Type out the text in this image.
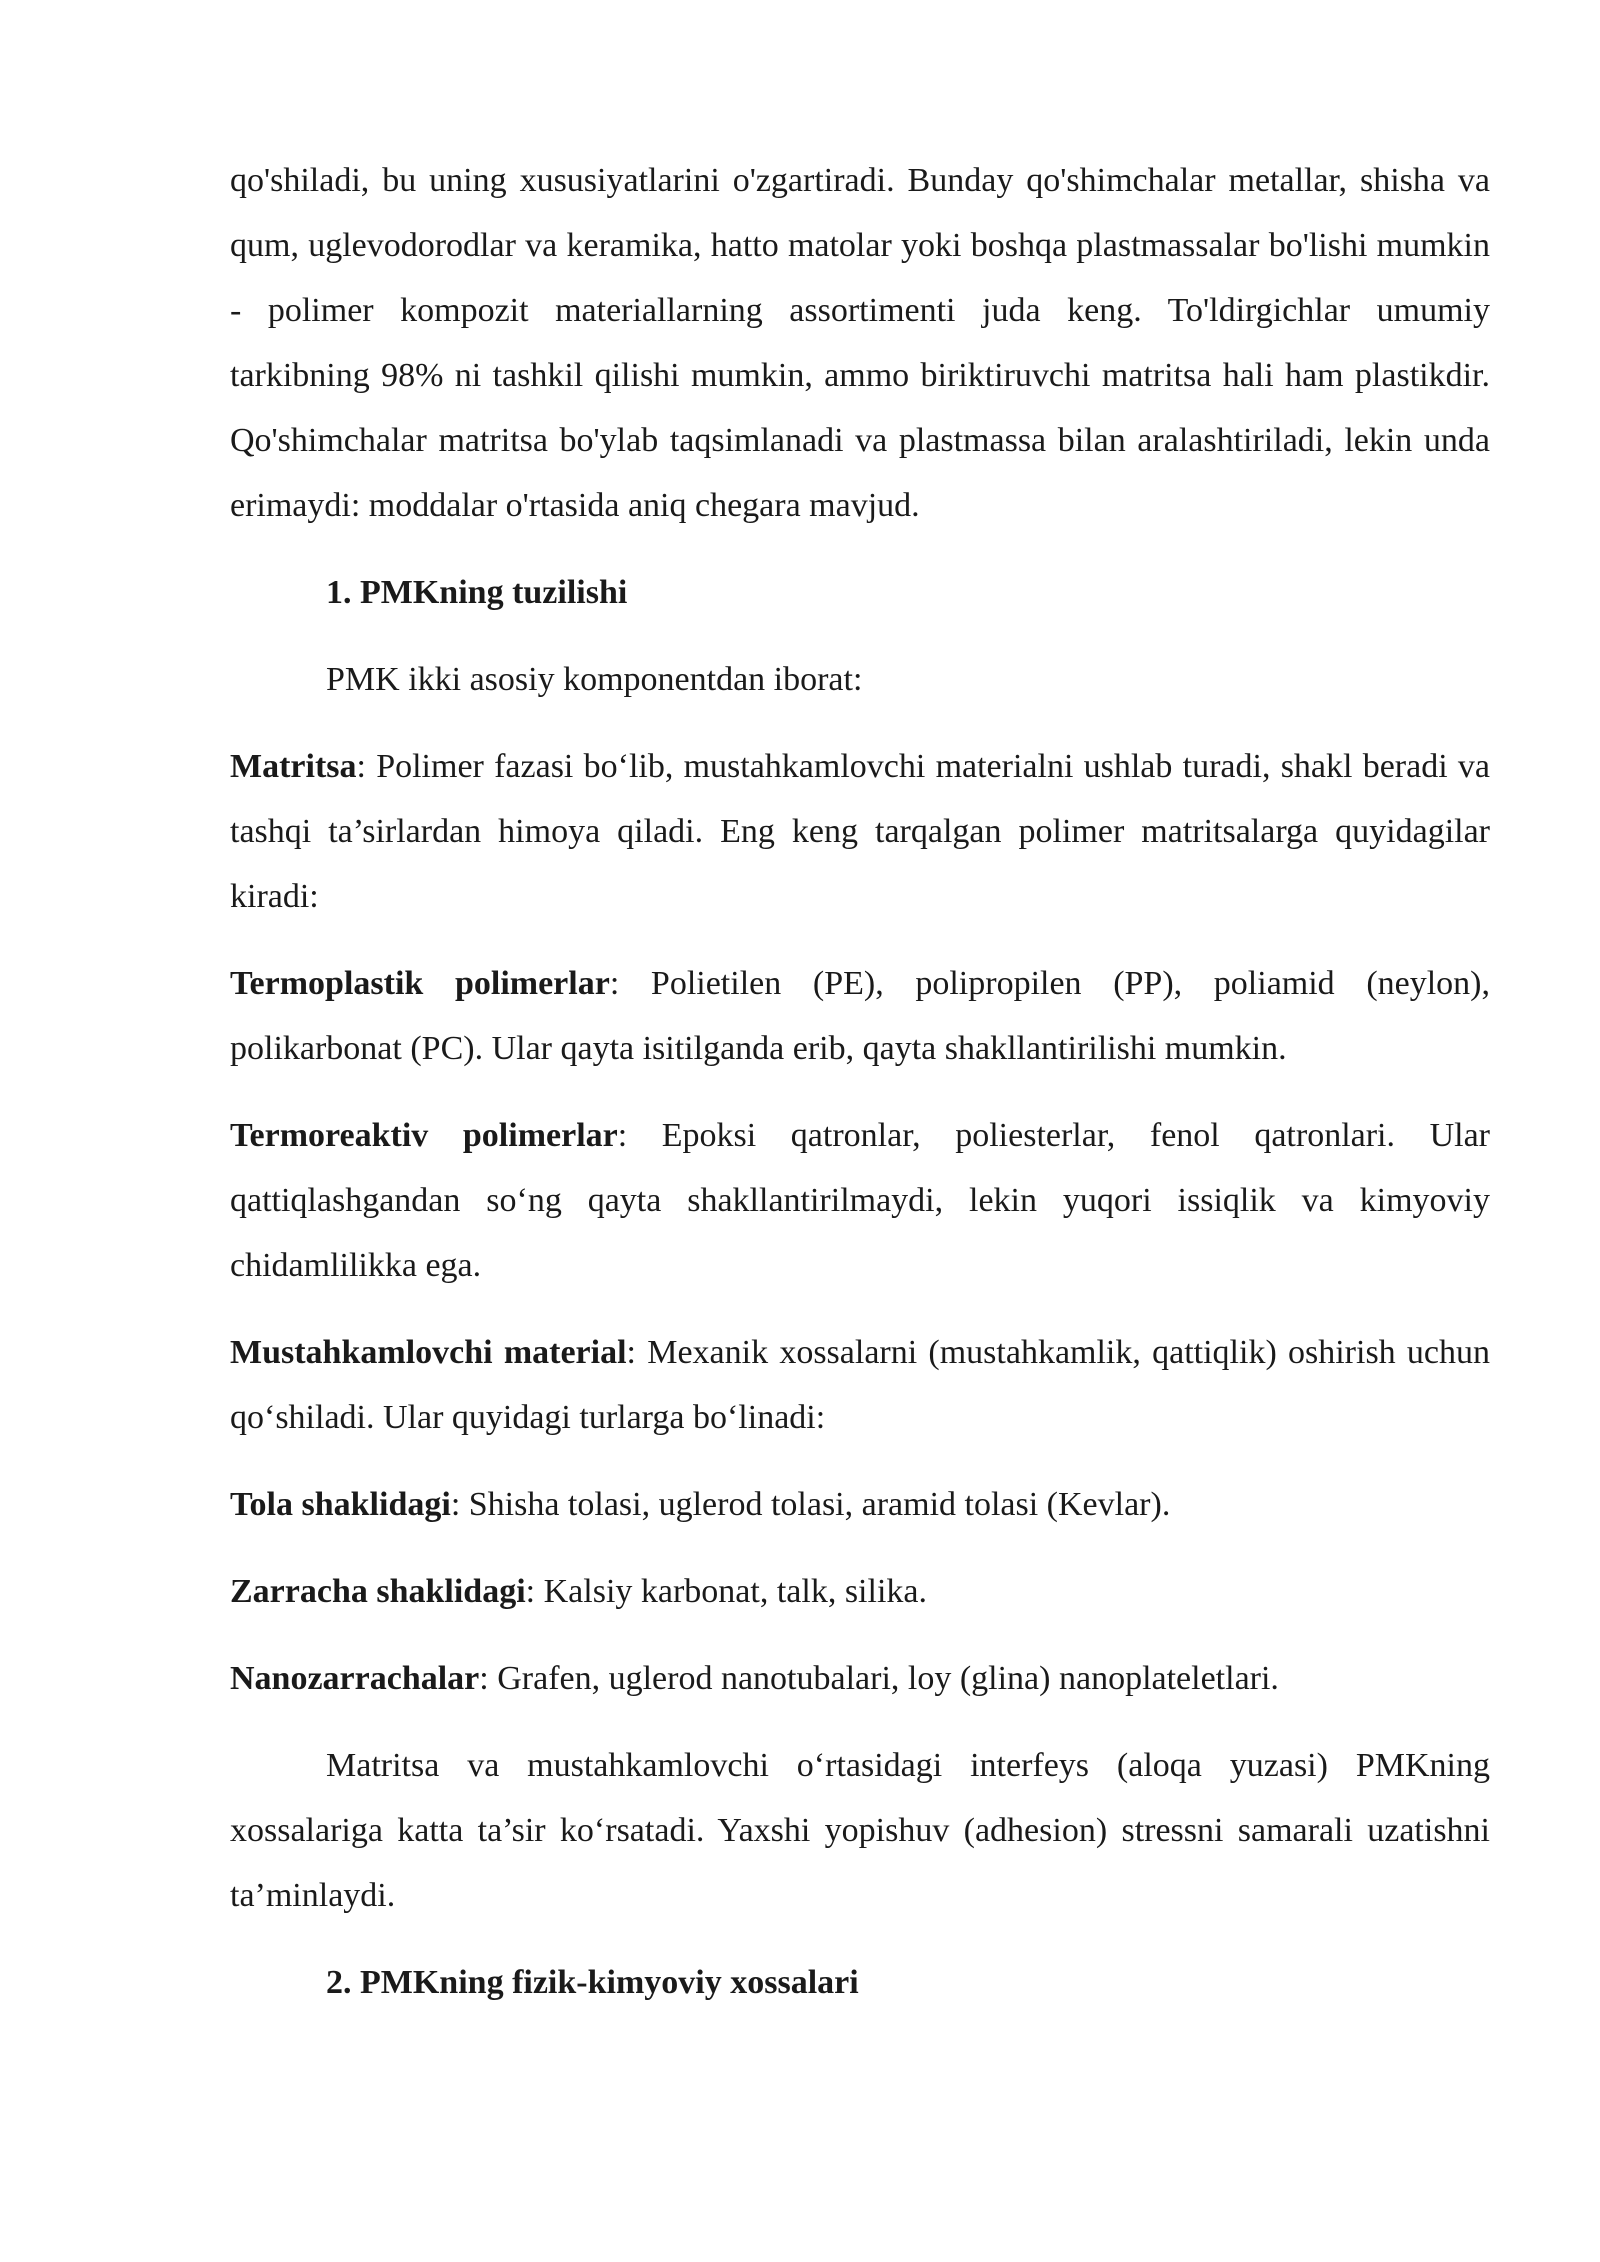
qo'shiladi, bu uning xususiyatlarini o'zgartiradi. Bunday qo'shimchalar metallar, shisha va qum, uglevodorodlar va keramika, hatto matolar yoki boshqa plastmassalar bo'lishi mumkin - polimer kompozit materiallarning assortimenti juda keng. To'ldirgichlar umumiy tarkibning 98% ni tashkil qilishi mumkin, ammo biriktiruvchi matritsa hali ham plastikdir. Qo'shimchalar matritsa bo'ylab taqsimlanadi va plastmassa bilan aralashtiriladi, lekin unda erimaydi: moddalar o'rtasida aniq chegara mavjud.

1. PMKning tuzilishi

PMK ikki asosiy komponentdan iborat:

Matritsa: Polimer fazasi bo‘lib, mustahkamlovchi materialni ushlab turadi, shakl beradi va tashqi ta’sirlardan himoya qiladi. Eng keng tarqalgan polimer matritsalarga quyidagilar kiradi:

Termoplastik polimerlar: Polietilen (PE), polipropilen (PP), poliamid (neylon), polikarbonat (PC). Ular qayta isitilganda erib, qayta shakllantirilishi mumkin.

Termoreaktiv polimerlar: Epoksi qatronlar, poliesterlar, fenol qatronlari. Ular qattiqlashgandan so‘ng qayta shakllantirilmaydi, lekin yuqori issiqlik va kimyoviy chidamlilikka ega.

Mustahkamlovchi material: Mexanik xossalarni (mustahkamlik, qattiqlik) oshirish uchun qo‘shiladi. Ular quyidagi turlarga bo‘linadi:

Tola shaklidagi: Shisha tolasi, uglerod tolasi, aramid tolasi (Kevlar).

Zarracha shaklidagi: Kalsiy karbonat, talk, silika.

Nanozarrachalar: Grafen, uglerod nanotubalari, loy (glina) nanoplateletlari.

Matritsa va mustahkamlovchi o‘rtasidagi interfeys (aloqa yuzasi) PMKning xossalariga katta ta’sir ko‘rsatadi. Yaxshi yopishuv (adhesion) stressni samarali uzatishni ta’minlaydi.

2. PMKning fizik-kimyoviy xossalari
